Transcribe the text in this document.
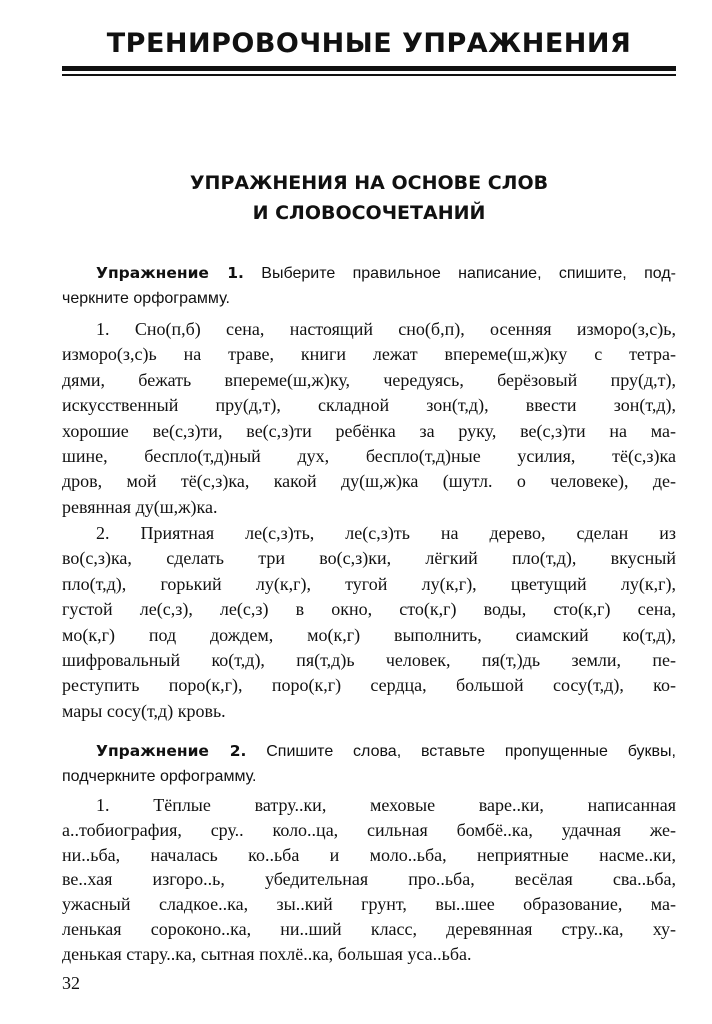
ТРЕНИРОВОЧНЫЕ УПРАЖНЕНИЯ
УПРАЖНЕНИЯ НА ОСНОВЕ СЛОВ
И СЛОВОСОЧЕТАНИЙ
Упражнение 1. Выберите правильное написание, спишите, под-
черкните орфограмму.
1. Сно(п,б) сена, настоящий сно(б,п), осенняя изморо(з,с)ь,
изморо(з,с)ь на траве, книги лежат впереме(ш,ж)ку с тетра-
дями, бежать впереме(ш,ж)ку, чередуясь, берёзовый пру(д,т),
искусственный пру(д,т), складной зон(т,д), ввести зон(т,д),
хорошие ве(с,з)ти, ве(с,з)ти ребёнка за руку, ве(с,з)ти на ма-
шине, беспло(т,д)ный дух, беспло(т,д)ные усилия, тё(с,з)ка
дров, мой тё(с,з)ка, какой ду(ш,ж)ка (шутл. о человеке), де-
ревянная ду(ш,ж)ка.
2. Приятная ле(с,з)ть, ле(с,з)ть на дерево, сделан из
во(с,з)ка, сделать три во(с,з)ки, лёгкий пло(т,д), вкусный
пло(т,д), горький лу(к,г), тугой лу(к,г), цветущий лу(к,г),
густой ле(с,з), ле(с,з) в окно, сто(к,г) воды, сто(к,г) сена,
мо(к,г) под дождем, мо(к,г) выполнить, сиамский ко(т,д),
шифровальный ко(т,д), пя(т,д)ь человек, пя(т,)дь земли, пе-
реступить поро(к,г), поро(к,г) сердца, большой сосу(т,д), ко-
мары сосу(т,д) кровь.
Упражнение 2. Спишите слова, вставьте пропущенные буквы,
подчеркните орфограмму.
1. Тёплые ватру..ки, меховые варе..ки, написанная
а..тобиография, сру.. коло..ца, сильная бомбё..ка, удачная же-
ни..ьба, началась ко..ьба и моло..ьба, неприятные насме..ки,
ве..хая изгоро..ь, убедительная про..ьба, весёлая сва..ьба,
ужасный сладкое..ка, зы..кий грунт, вы..шее образование, ма-
ленькая сороконо..ка, ни..ший класс, деревянная стру..ка, ху-
денькая стару..ка, сытная похлё..ка, большая уса..ьба.
32
